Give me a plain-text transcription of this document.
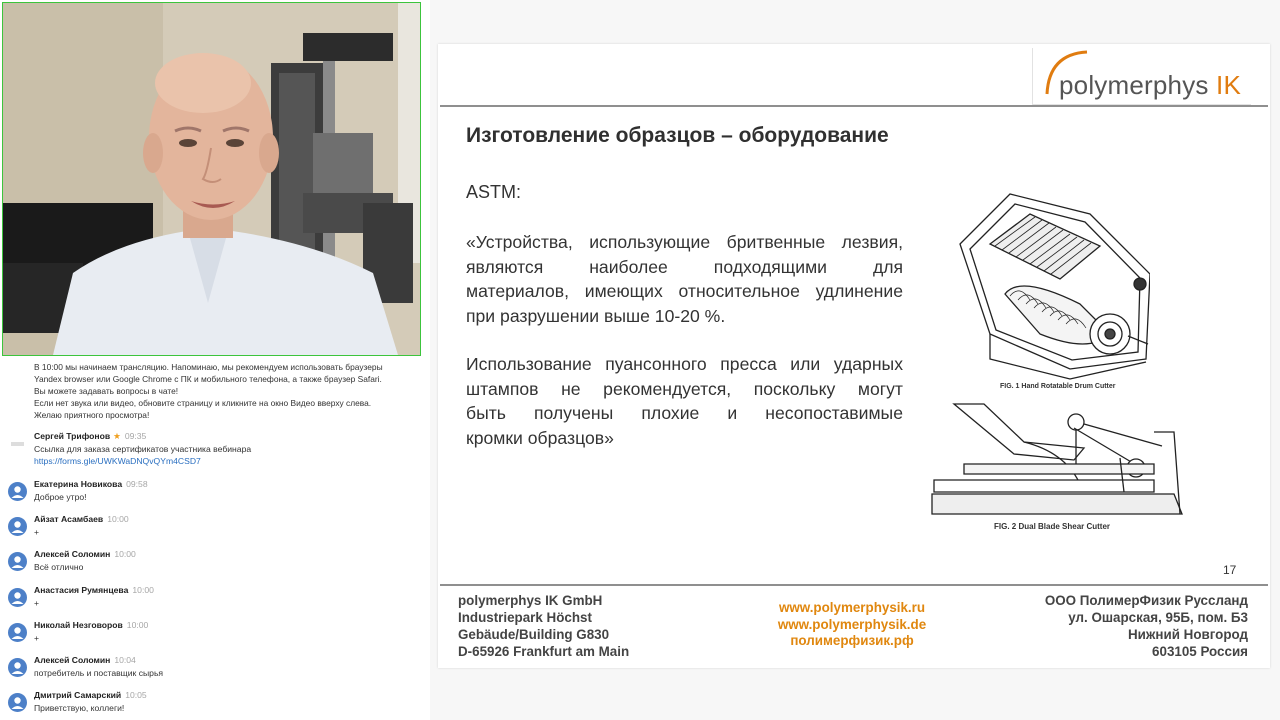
В 10:00 мы начинаем трансляцию. Напоминаю, мы рекомендуем использовать браузеры
Yandex browser или Google Chrome с ПК и мобильного телефона, а также браузер Safari.
Вы можете задавать вопросы в чате!
Если нет звука или видео, обновите страницу и кликните на окно Видео вверху слева.
Желаю приятного просмотра!
Сергей Трифонов ★ 09:35
Ссылка для заказа сертификатов участника вебинара
https://forms.gle/UWKWaDNQvQYm4CSD7
Екатерина Новикова 09:58
Доброе утро!
Айзат Асамбаев 10:00
+
Алексей Соломин 10:00
Всё отлично
Анастасия Румянцева 10:00
+
Николай Незговоров 10:00
+
Алексей Соломин 10:04
потребитель и поставщик сырья
Дмитрий Самарский 10:05
Приветствую, коллеги!
polymerphys IK
Изготовление образцов – оборудование
ASTM:
«Устройства, использующие бритвенные лезвия,
являются наиболее подходящими для
материалов, имеющих относительное удлинение
при разрушении выше 10-20 %.
Использование пуансонного пресса или ударных
штампов не рекомендуется, поскольку могут
быть получены плохие и несопоставимые
кромки образцов»
FIG. 1 Hand Rotatable Drum Cutter
FIG. 2 Dual Blade Shear Cutter
17
polymerphys IK GmbH
Industriepark Höchst
Gebäude/Building G830
D-65926 Frankfurt am Main
www.polymerphysik.ru
www.polymerphysik.de
полимерфизик.рф
ООО ПолимерФизик Руссланд
ул. Ошарская, 95Б, пом. Б3
Нижний Новгород
603105 Россия
